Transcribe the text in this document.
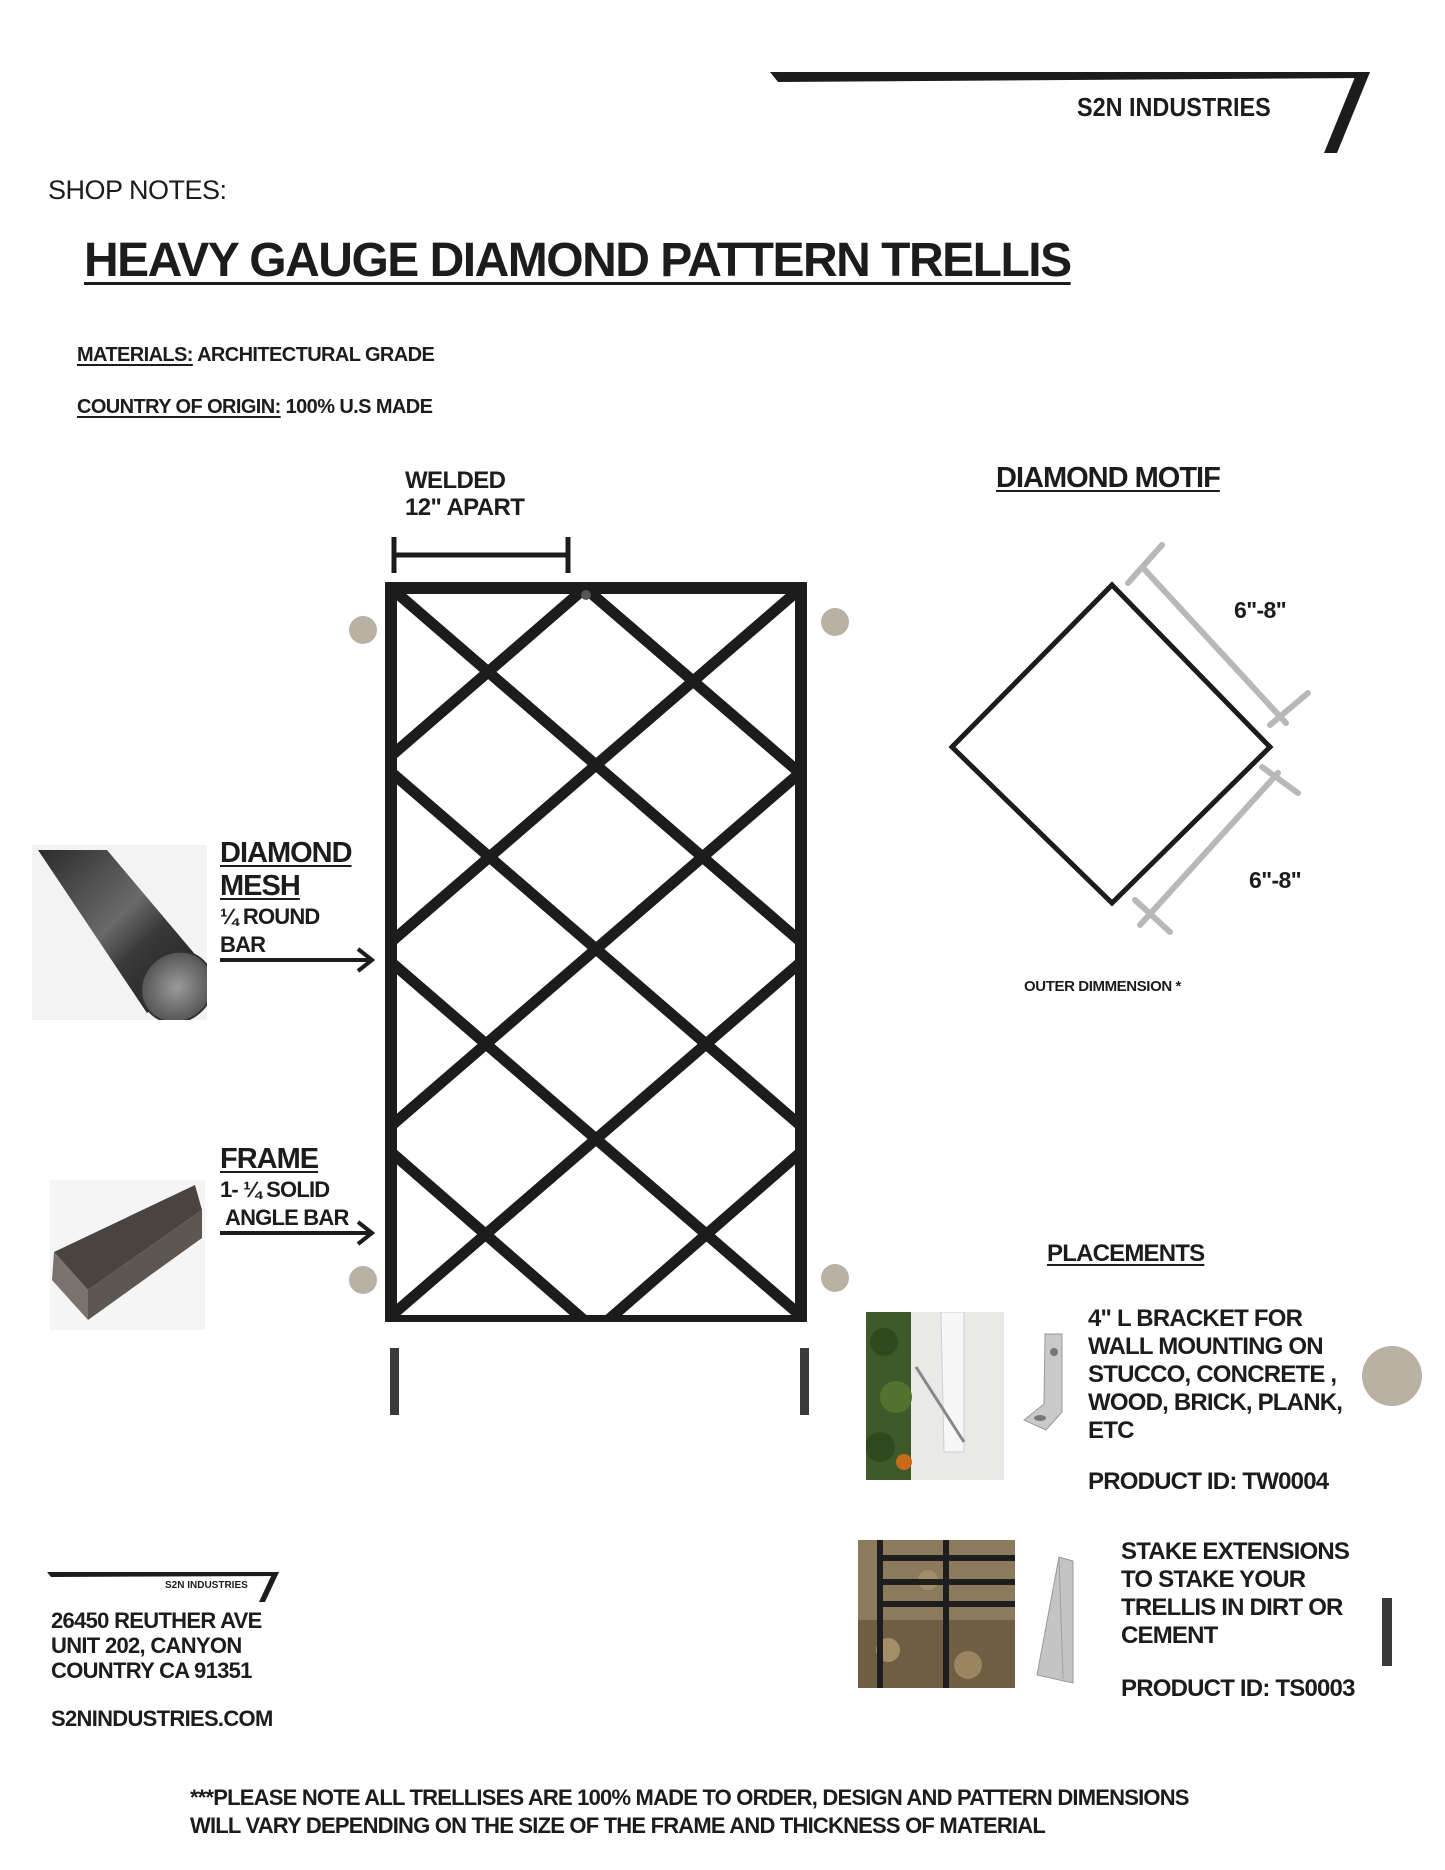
S2N INDUSTRIES
SHOP NOTES:
HEAVY GAUGE DIAMOND PATTERN TRELLIS
MATERIALS: ARCHITECTURAL GRADE
COUNTRY OF ORIGIN: 100% U.S MADE
WELDED
12" APART
DIAMOND
MESH
¼ ROUND
BAR
FRAME
1- ¼ SOLID
ANGLE BAR
DIAMOND MOTIF
6"-8"
6"-8"
OUTER DIMMENSION *
PLACEMENTS
4" L BRACKET FOR
WALL MOUNTING ON
STUCCO, CONCRETE ,
WOOD, BRICK, PLANK,
ETC
PRODUCT ID: TW0004
STAKE EXTENSIONS
TO STAKE YOUR
TRELLIS IN DIRT OR
CEMENT
PRODUCT ID: TS0003
S2N INDUSTRIES
26450 REUTHER AVE
UNIT 202, CANYON
COUNTRY CA 91351
S2NINDUSTRIES.COM
***PLEASE NOTE ALL TRELLISES ARE 100% MADE TO ORDER, DESIGN AND PATTERN DIMENSIONS
WILL VARY DEPENDING ON THE SIZE OF THE FRAME AND THICKNESS OF MATERIAL
